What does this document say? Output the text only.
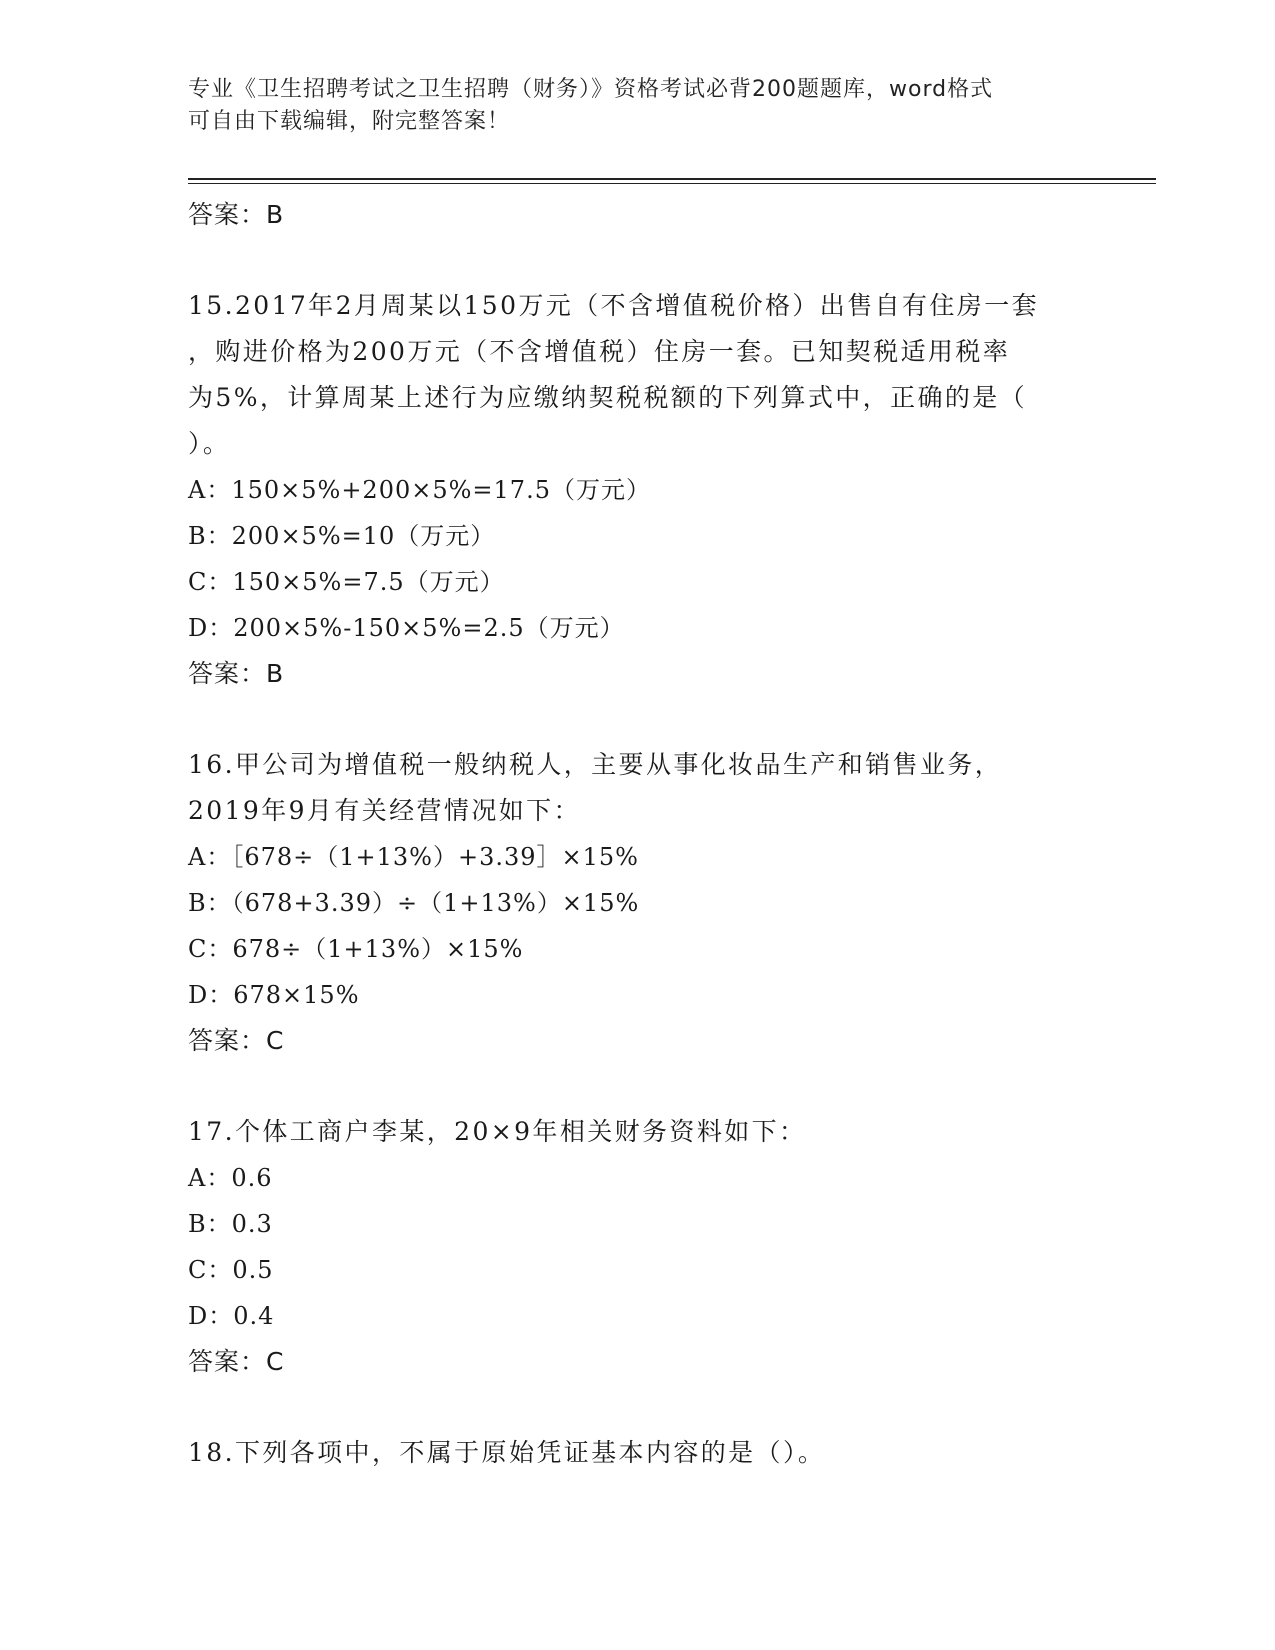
专业《卫生招聘考试之卫生招聘（财务）》资格考试必背200题题库，word格式
可自由下载编辑，附完整答案！
答案：B
15.2017年2月周某以150万元（不含增值税价格）出售自有住房一套
，购进价格为200万元（不含增值税）住房一套。已知契税适用税率
为5%，计算周某上述行为应缴纳契税税额的下列算式中，正确的是（
）。
A：150×5%+200×5%=17.5（万元）
B：200×5%=10（万元）
C：150×5%=7.5（万元）
D：200×5%-150×5%=2.5（万元）
答案：B
16.甲公司为增值税一般纳税人，主要从事化妆品生产和销售业务，
2019年9月有关经营情况如下：
A：［678÷（1+13%）+3.39］×15%
B：（678+3.39）÷（1+13%）×15%
C：678÷（1+13%）×15%
D：678×15%
答案：C
17.个体工商户李某，20×9年相关财务资料如下：
A：0.6
B：0.3
C：0.5
D：0.4
答案：C
18.下列各项中，不属于原始凭证基本内容的是（）。
